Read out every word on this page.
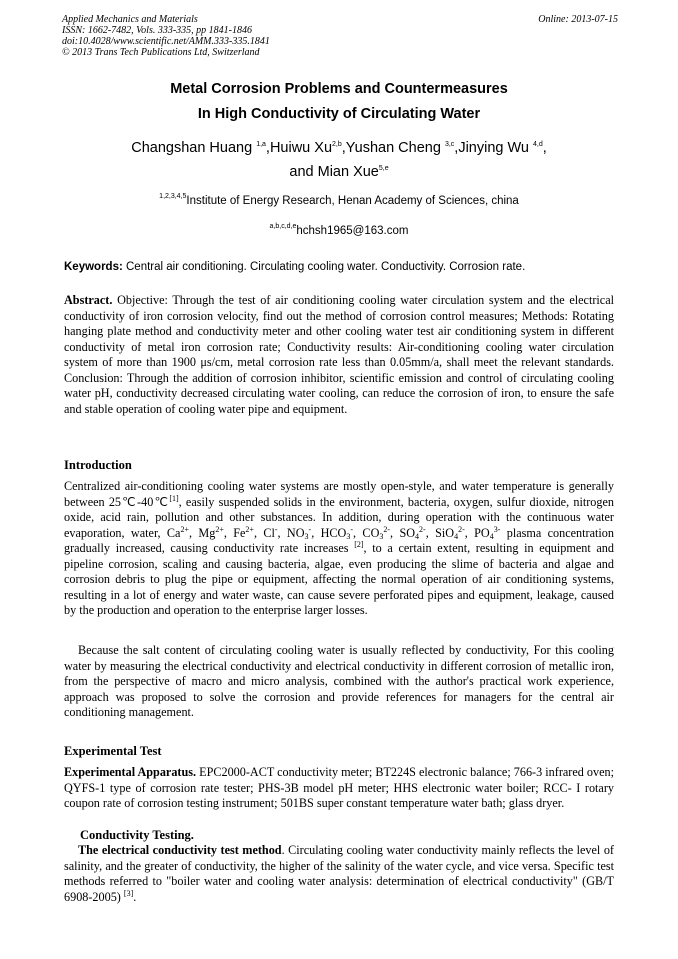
Applied Mechanics and Materials
ISSN: 1662-7482, Vols. 333-335, pp 1841-1846
doi:10.4028/www.scientific.net/AMM.333-335.1841
© 2013 Trans Tech Publications Ltd, Switzerland
Online: 2013-07-15
Metal Corrosion Problems and Countermeasures
In High Conductivity of Circulating Water
Changshan Huang $^{1,a}$,Huiwu Xu$^{2,b}$,Yushan Cheng $^{3,c}$,Jinying Wu $^{4,d}$,
and Mian Xue$^{5,e}$
$^{1,2,3,4,5}$Institute of Energy Research, Henan Academy of Sciences, china
$^{a,b,c,d,e}$hchsh1965@163.com
Keywords: Central air conditioning. Circulating cooling water. Conductivity. Corrosion rate.
Abstract. Objective: Through the test of air conditioning cooling water circulation system and the electrical conductivity of iron corrosion velocity, find out the method of corrosion control measures; Methods: Rotating hanging plate method and conductivity meter and other cooling water test air conditioning system in different conductivity of metal iron corrosion rate; Conductivity results: Air-conditioning cooling water circulation system of more than 1900 μs/cm, metal corrosion rate less than 0.05mm/a, shall meet the relevant standards. Conclusion: Through the addition of corrosion inhibitor, scientific emission and control of circulating cooling water pH, conductivity decreased circulating water cooling, can reduce the corrosion of iron, to ensure the safe and stable operation of cooling water pipe and equipment.
Introduction
Centralized air-conditioning cooling water systems are mostly open-style, and water temperature is generally between 25℃-40℃[1], easily suspended solids in the environment, bacteria, oxygen, sulfur dioxide, nitrogen oxide, acid rain, pollution and other substances. In addition, during operation with the continuous water evaporation, water, $Ca^{2+}$, $Mg^{2+}$, $Fe^{2+}$, Cl-, $NO_3^-$, $HCO_3^-$, $CO_3^{2-}$, $SO_4^{2-}$, SiO$_4^{2-}$, $PO_4^{3-}$ plasma concentration gradually increased, causing conductivity rate increases [2], to a certain extent, resulting in equipment and pipeline corrosion, scaling and causing bacteria, algae, even producing the slime of bacteria and algae and corrosion debris to plug the pipe or equipment, affecting the normal operation of air conditioning systems, resulting in a lot of energy and water waste, can cause severe perforated pipes and equipment, leakage, caused by the production and operation to the enterprise larger losses.
Because the salt content of circulating cooling water is usually reflected by conductivity, For this cooling water by measuring the electrical conductivity and electrical conductivity in different corrosion of metallic iron, from the perspective of macro and micro analysis, combined with the author's practical work experience, approach was proposed to solve the corrosion and provide references for managers for the central air conditioning management.
Experimental Test
Experimental Apparatus. EPC2000-ACT conductivity meter; BT224S electronic balance; 766-3 infrared oven; QYFS-1 type of corrosion rate tester; PHS-3B model pH meter; HHS electronic water boiler; RCC- I rotary coupon rate of corrosion testing instrument; 501BS super constant temperature water bath; glass dryer.
Conductivity Testing.
The electrical conductivity test method. Circulating cooling water conductivity mainly reflects the level of salinity, and the greater of conductivity, the higher of the salinity of the water cycle, and vice versa. Specific test methods referred to "boiler water and cooling water analysis: determination of electrical conductivity" (GB/T 6908-2005) [3].
